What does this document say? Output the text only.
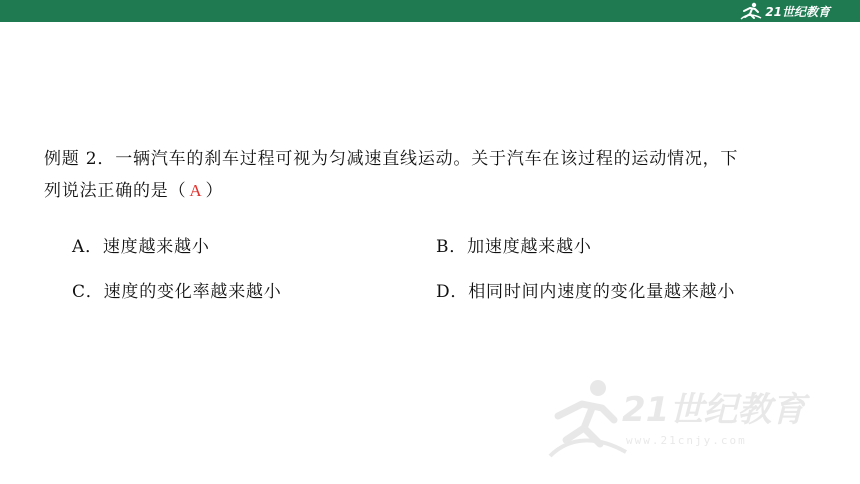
21世纪教育
例题 2．一辆汽车的刹车过程可视为匀减速直线运动。关于汽车在该过程的运动情况，下
列说法正确的是（ A ）
A．速度越来越小	B．加速度越来越小
C．速度的变化率越来越小	D．相同时间内速度的变化量越来越小
21世纪教育
www.21cnjy.com
